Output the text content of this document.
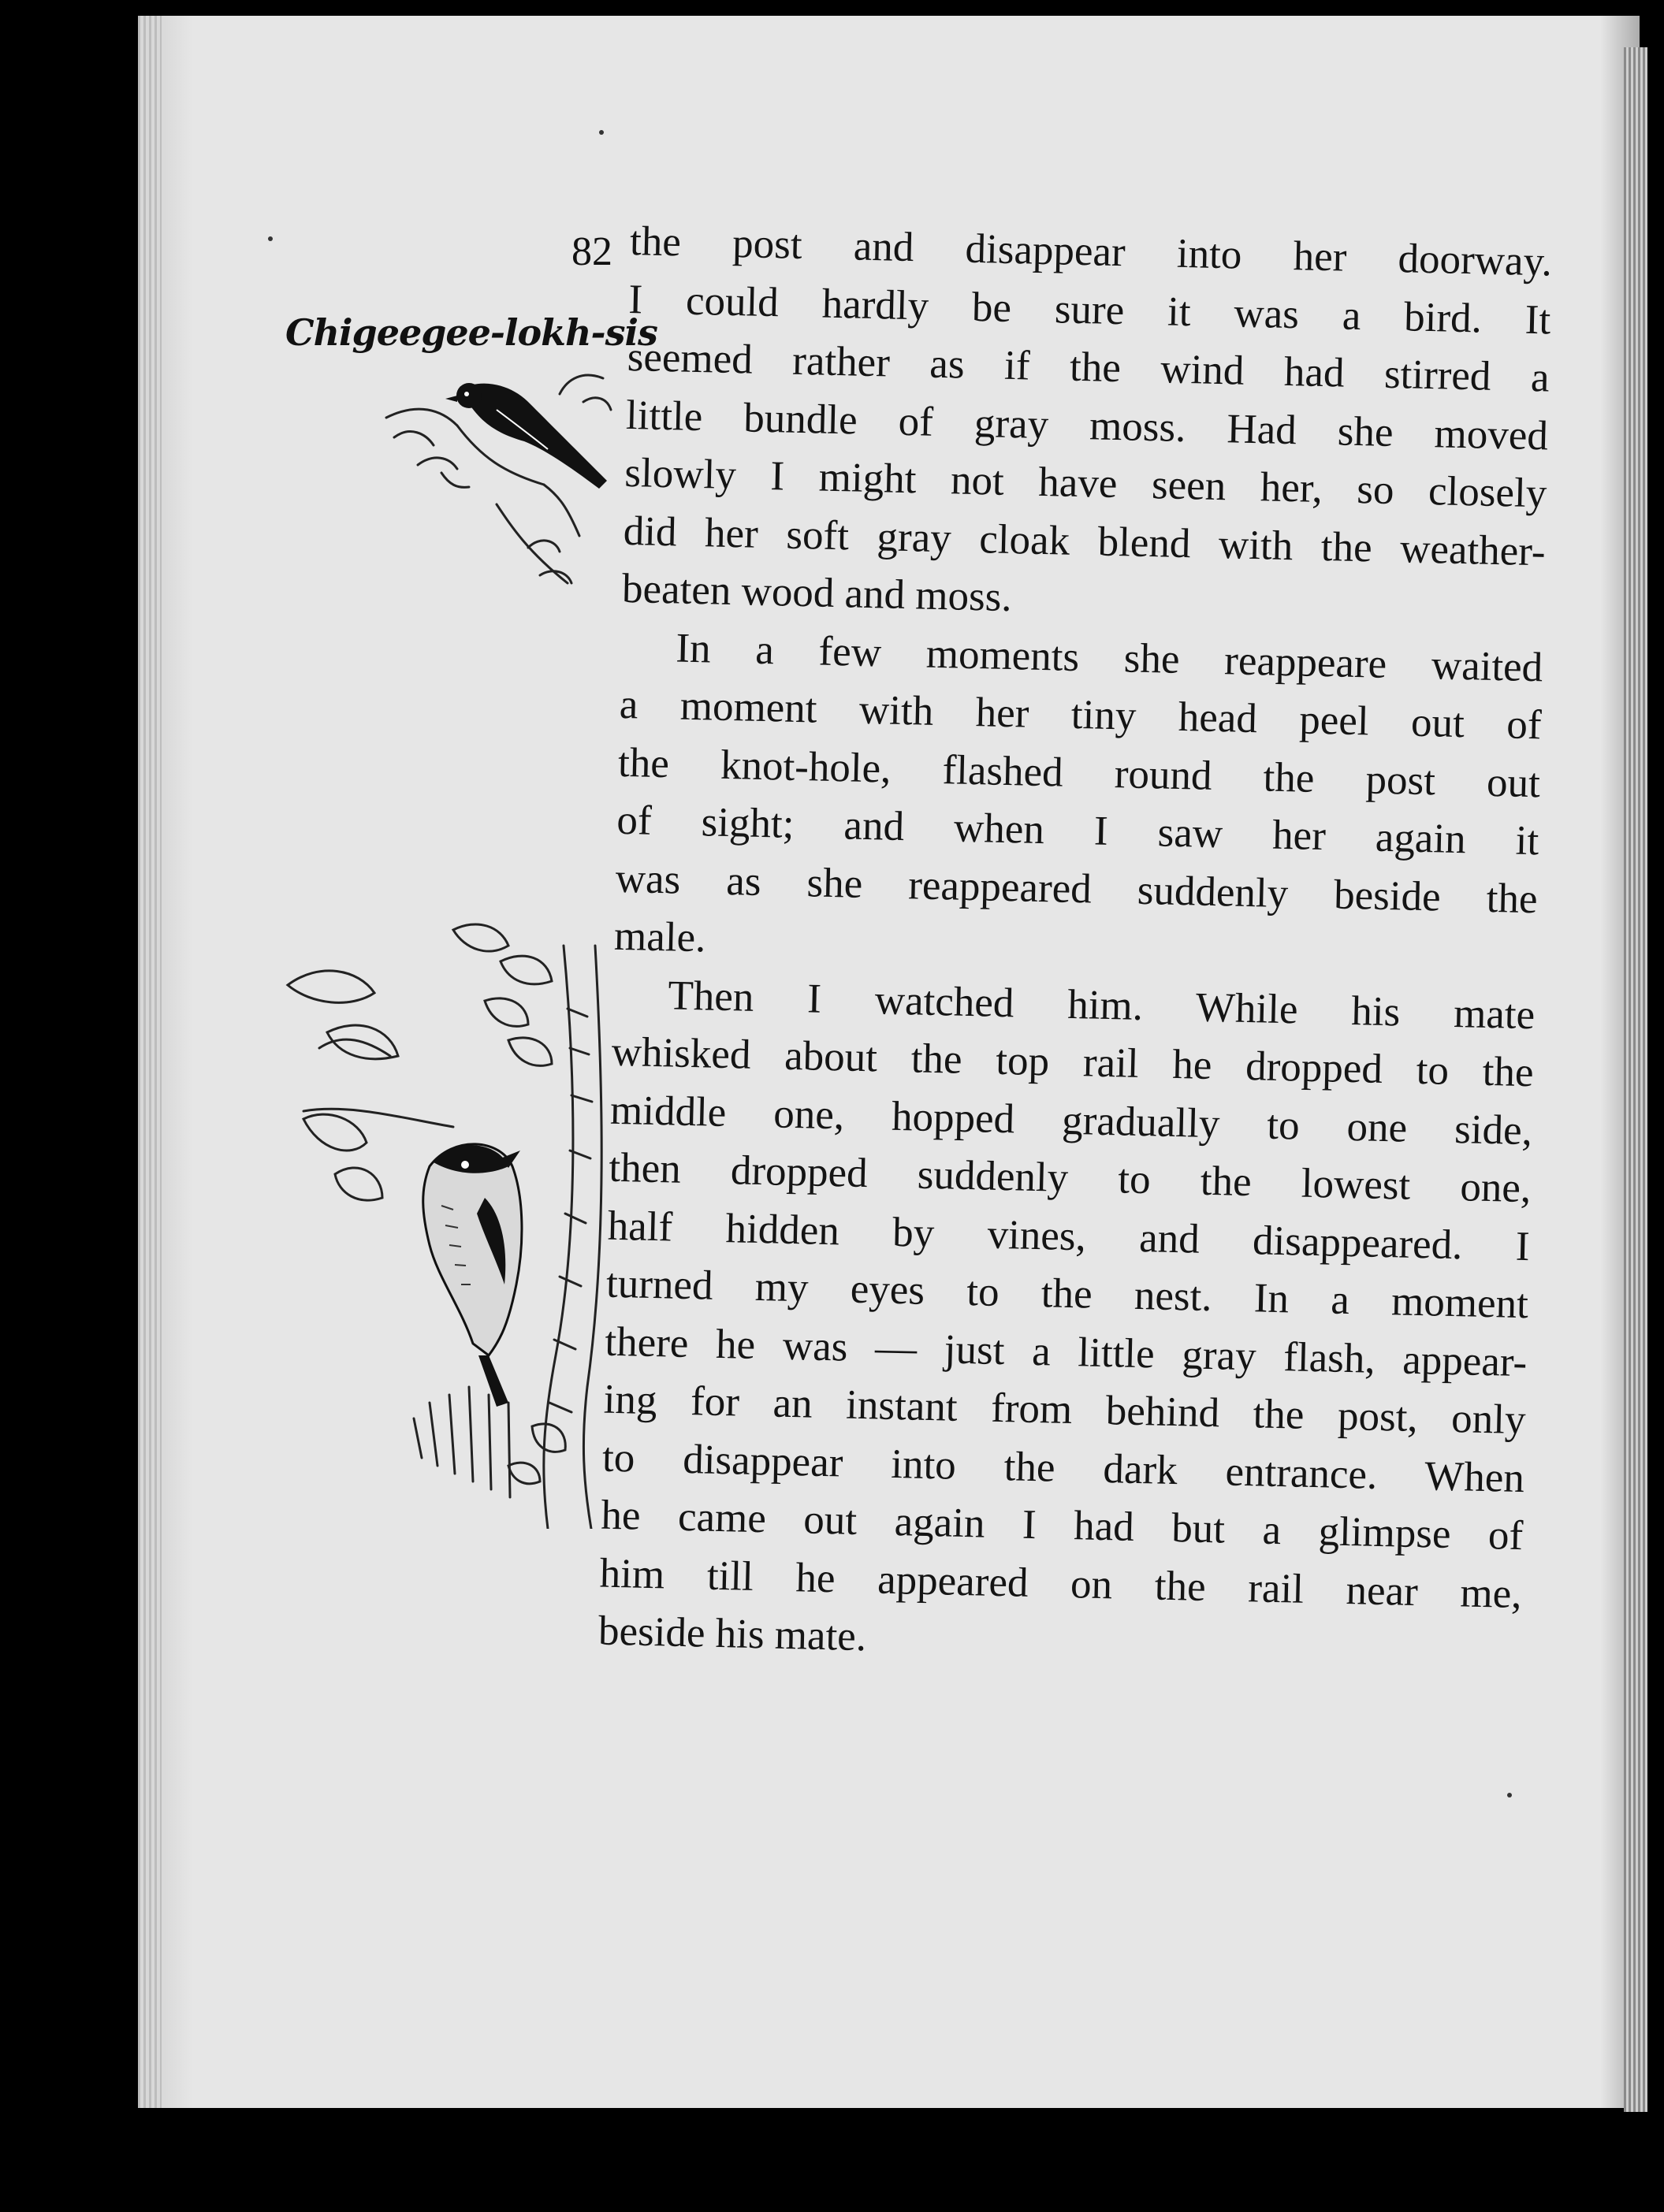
82
Chigeegee-lokh-sis
the post and disappear into her doorway.
I could hardly be sure it was a bird. It
seemed rather as if the wind had stirred a
little bundle of gray moss. Had she moved
slowly I might not have seen her, so closely
did her soft gray cloak blend with the weather-
beaten wood and moss.
In a few moments she reappeare waited
a moment with her tiny head peel out of
the knot-hole, flashed round the post out
of sight; and when I saw her again it
was as she reappeared suddenly beside the
male.
Then I watched him. While his mate
whisked about the top rail he dropped to the
middle one, hopped gradually to one side,
then dropped suddenly to the lowest one,
half hidden by vines, and disappeared. I
turned my eyes to the nest. In a moment
there he was — just a little gray flash, appear-
ing for an instant from behind the post, only
to disappear into the dark entrance. When
he came out again I had but a glimpse of
him till he appeared on the rail near me,
beside his mate.
